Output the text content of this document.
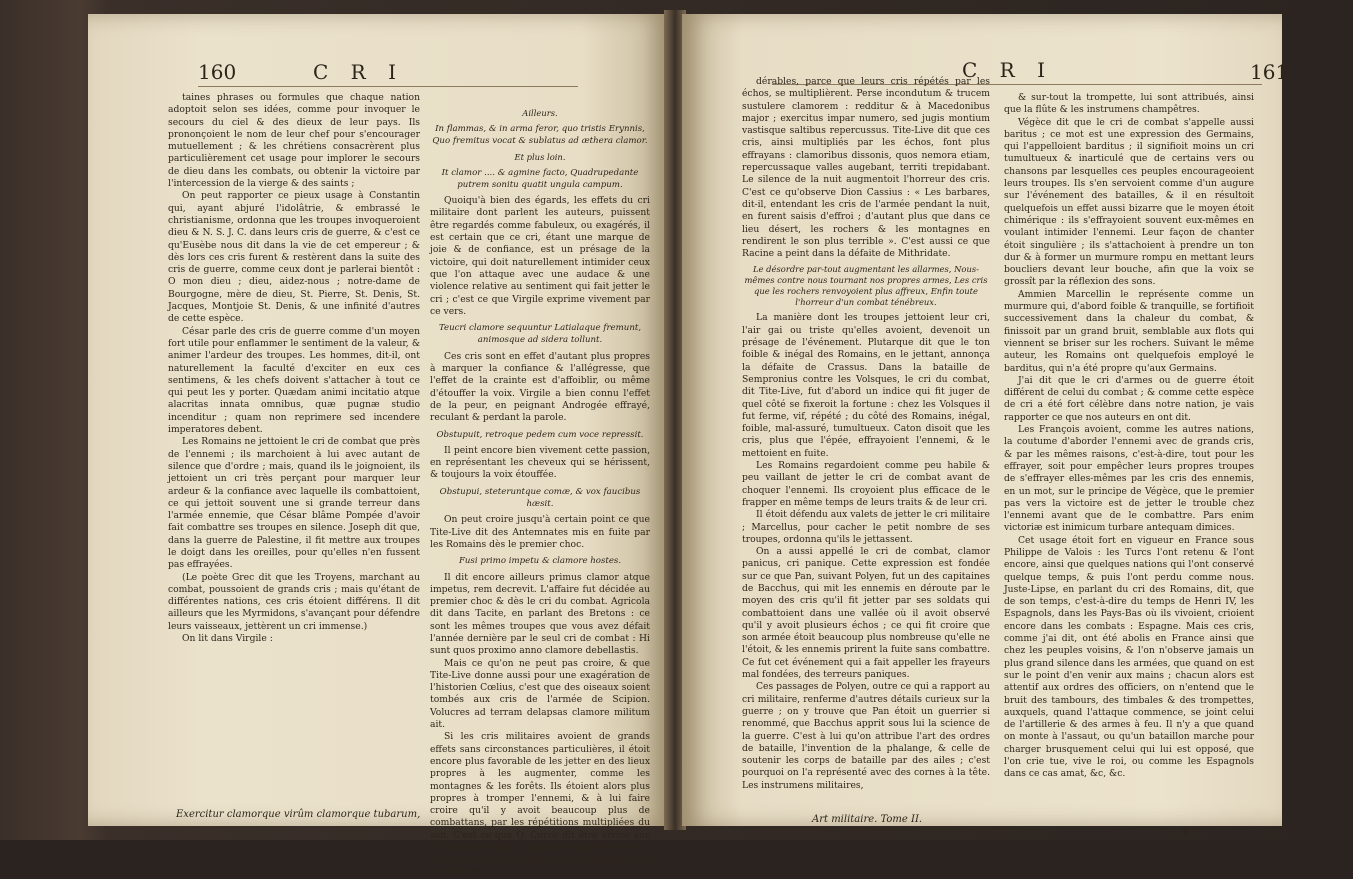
160	C R I

taines phrases ou formules que chaque nation adoptoit selon ses idées, comme pour invoquer le secours du ciel & des dieux de leur pays. Ils prononçoient le nom de leur chef pour s'encourager mutuellement ; & les chrétiens consacrèrent plus particulièrement cet usage pour implorer le secours de dieu dans les combats, ou obtenir la victoire par l'intercession de la vierge & des saints ;

On peut rapporter ce pieux usage à Constantin qui, ayant abjuré l'idolâtrie, & embrassé le christianisme, ordonna que les troupes invoqueroient dieu & N. S. J. C. dans leurs cris de guerre, & c'est ce qu'Eusèbe nous dit dans la vie de cet empereur ; & dès lors ces cris furent & restèrent dans la suite des cris de guerre, comme ceux dont je parlerai bientôt : O mon dieu ; dieu, aidez-nous ; notre-dame de Bourgogne, mère de dieu, St. Pierre, St. Denis, St. Jacques, Montjoie St. Denis, & une infinité d'autres de cette espèce.

César parle des cris de guerre comme d'un moyen fort utile pour enflammer le sentiment de la valeur, & animer l'ardeur des troupes. Les hommes, dit-il, ont naturellement la faculté d'exciter en eux ces sentimens, & les chefs doivent s'attacher à tout ce qui peut les y porter. Quædam animi incitatio atque alacritas innata omnibus, quæ pugnæ studio incenditur ; quam non reprimere sed incendere imperatores debent.

Les Romains ne jettoient le cri de combat que près de l'ennemi ; ils marchoient à lui avec autant de silence que d'ordre ; mais, quand ils le joignoient, ils jettoient un cri très perçant pour marquer leur ardeur & la confiance avec laquelle ils combattoient, ce qui jettoit souvent une si grande terreur dans l'armée ennemie, que César blâme Pompée d'avoir fait combattre ses troupes en silence. Joseph dit que, dans la guerre de Palestine, il fit mettre aux troupes le doigt dans les oreilles, pour qu'elles n'en fussent pas effrayées.

(Le poète Grec dit que les Troyens, marchant au combat, poussoient de grands cris ; mais qu'étant de différentes nations, ces cris étoient différens. Il dit ailleurs que les Myrmidons, s'avançant pour défendre leurs vaisseaux, jettèrent un cri immense.)

On lit dans Virgile :

Exercitur clamorque virûm clamorque tubarum,

Ailleurs.

In flammas, & in arma feror, quo tristis Erynnis, Quo fremitus vocat & sublatus ad æthera clamor.

Et plus loin.

It clamor .... & agmine facto, Quadrupedante putrem sonitu quatit ungula campum.

Quoiqu'à bien des égards, les effets du cri militaire dont parlent les auteurs, puissent être regardés comme fabuleux, ou exagérés, il est certain que ce cri, étant une marque de joie & de confiance, est un présage de la victoire, qui doit naturellement intimider ceux que l'on attaque avec une audace & une violence relative au sentiment qui fait jetter le cri ; c'est ce que Virgile exprime vivement par ce vers.

Teucri clamore sequuntur Latialaque fremunt, animosque ad sidera tollunt.

Ces cris sont en effet d'autant plus propres à marquer la confiance & l'allégresse, que l'effet de la crainte est d'affoiblir, ou même d'étouffer la voix. Virgile a bien connu l'effet de la peur, en peignant Androgée effrayé, reculant & perdant la parole.

Obstupuit, retroque pedem cum voce repressit.

Il peint encore bien vivement cette passion, en représentant les cheveux qui se hérissent, & toujours la voix étouffée.

Obstupui, steteruntque comæ, & vox faucibus hæsit.

On peut croire jusqu'à certain point ce que Tite-Live dit des Antemnates mis en fuite par les Romains dès le premier choc.

Fusi primo impetu & clamore hostes.

Il dit encore ailleurs primus clamor atque impetus, rem decrevit. L'affaire fut décidée au premier choc & dès le cri du combat. Agricola dit dans Tacite, en parlant des Bretons : ce sont les mêmes troupes que vous avez défait l'année dernière par le seul cri de combat : Hi sunt quos proximo anno clamore debellastis.

Mais ce qu'on ne peut pas croire, & que Tite-Live donne aussi pour une exagération de l'historien Cœlius, c'est que des oiseaux soient tombés aux cris de l'armée de Scipion. Volucres ad terram delapsas clamore militum ait.

Si les cris militaires avoient de grands effets sans circonstances particulières, il étoit encore plus favorable de les jetter en des lieux propres à les augmenter, comme les montagnes & les forêts. Ils étoient alors plus propres à tromper l'ennemi, & à lui faire croire qu'il y avoit beaucoup plus de combattans, par les répétitions multipliées du son. C'est ce que Q. Curce dit être arrivé aux Macédoniens moins nombreux que les Perses ; ils parurent à ceux-ci un corps beaucoup plus considérable,

C R I	161

dérables, parce que leurs cris répétés par les échos, se multiplièrent. Perse incondutum & trucem sustulere clamorem : redditur & à Macedonibus major ; exercitus impar numero, sed jugis montium vastisque saltibus repercussus. Tite-Live dit que ces cris, ainsi multipliés par les échos, font plus effrayans : clamoribus dissonis, quos nemora etiam, repercussaque valles augebant, territi trepidabant. Le silence de la nuit augmentoit l'horreur des cris. C'est ce qu'observe Dion Cassius : « Les barbares, dit-il, entendant les cris de l'armée pendant la nuit, en furent saisis d'effroi ; d'autant plus que dans ce lieu désert, les rochers & les montagnes en rendirent le son plus terrible ». C'est aussi ce que Racine a peint dans la défaite de Mithridate.

Le désordre par-tout augmentant les allarmes, Nous-mêmes contre nous tournant nos propres armes, Les cris que les rochers renvoyoient plus affreux, Enfin toute l'horreur d'un combat ténébreux.

La manière dont les troupes jettoient leur cri, l'air gai ou triste qu'elles avoient, devenoit un présage de l'événement. Plutarque dit que le ton foible & inégal des Romains, en le jettant, annonça la défaite de Crassus. Dans la bataille de Sempronius contre les Volsques, le cri du combat, dit Tite-Live, fut d'abord un indice qui fit juger de quel côté se fixeroit la fortune : chez les Volsques il fut ferme, vif, répété ; du côté des Romains, inégal, foible, mal-assuré, tumultueux. Caton disoit que les cris, plus que l'épée, effrayoient l'ennemi, & le mettoient en fuite.

Les Romains regardoient comme peu habile & peu vaillant de jetter le cri de combat avant de choquer l'ennemi. Ils croyoient plus efficace de le frapper en même temps de leurs traits & de leur cri.

Il étoit défendu aux valets de jetter le cri militaire ; Marcellus, pour cacher le petit nombre de ses troupes, ordonna qu'ils le jettassent.

On a aussi appellé le cri de combat, clamor panicus, cri panique. Cette expression est fondée sur ce que Pan, suivant Polyen, fut un des capitaines de Bacchus, qui mit les ennemis en déroute par le moyen des cris qu'il fit jetter par ses soldats qui combattoient dans une vallée où il avoit observé qu'il y avoit plusieurs échos ; ce qui fit croire que son armée étoit beaucoup plus nombreuse qu'elle ne l'étoit, & les ennemis prirent la fuite sans combattre. Ce fut cet événement qui a fait appeller les frayeurs mal fondées, des terreurs paniques.

Ces passages de Polyen, outre ce qui a rapport au cri militaire, renferme d'autres détails curieux sur la guerre ; on y trouve que Pan étoit un guerrier si renommé, que Bacchus apprit sous lui la science de la guerre. C'est à lui qu'on attribue l'art des ordres de bataille, l'invention de la phalange, & celle de soutenir les corps de bataille par des ailes ; c'est pourquoi on l'a représenté avec des cornes à la tête. Les instrumens militaires,

Art militaire. Tome II.

& sur-tout la trompette, lui sont attribués, ainsi que la flûte & les instrumens champêtres.

Végèce dit que le cri de combat s'appelle aussi baritus ; ce mot est une expression des Germains, qui l'appelloient barditus ; il signifioit moins un cri tumultueux & inarticulé que de certains vers ou chansons par lesquelles ces peuples encourageoient leurs troupes. Ils s'en servoient comme d'un augure sur l'événement des batailles, & il en résultoit quelquefois un effet aussi bizarre que le moyen étoit chimérique : ils s'effrayoient souvent eux-mêmes en voulant intimider l'ennemi. Leur façon de chanter étoit singulière ; ils s'attachoient à prendre un ton dur & à former un murmure rompu en mettant leurs boucliers devant leur bouche, afin que la voix se grossît par la réflexion des sons.

Ammien Marcellin le représente comme un murmure qui, d'abord foible & tranquille, se fortifioit successivement dans la chaleur du combat, & finissoit par un grand bruit, semblable aux flots qui viennent se briser sur les rochers. Suivant le même auteur, les Romains ont quelquefois employé le barditus, qui n'a été propre qu'aux Germains.

J'ai dit que le cri d'armes ou de guerre étoit différent de celui du combat ; & comme cette espèce de cri a été fort célèbre dans notre nation, je vais rapporter ce que nos auteurs en ont dit.

Les François avoient, comme les autres nations, la coutume d'aborder l'ennemi avec de grands cris, & par les mêmes raisons, c'est-à-dire, tout pour les effrayer, soit pour empêcher leurs propres troupes de s'effrayer elles-mêmes par les cris des ennemis, en un mot, sur le principe de Végèce, que le premier pas vers la victoire est de jetter le trouble chez l'ennemi avant que de le combattre. Pars enim victoriæ est inimicum turbare antequam dimices.

Cet usage étoit fort en vigueur en France sous Philippe de Valois : les Turcs l'ont retenu & l'ont encore, ainsi que quelques nations qui l'ont conservé quelque temps, & puis l'ont perdu comme nous. Juste-Lipse, en parlant du cri des Romains, dit, que de son temps, c'est-à-dire du temps de Henri IV, les Espagnols, dans les Pays-Bas où ils vivoient, crioient encore dans les combats : Espagne. Mais ces cris, comme j'ai dit, ont été abolis en France ainsi que chez les peuples voisins, & l'on n'observe jamais un plus grand silence dans les armées, que quand on est sur le point d'en venir aux mains ; chacun alors est attentif aux ordres des officiers, on n'entend que le bruit des tambours, des timbales & des trompettes, auxquels, quand l'attaque commence, se joint celui de l'artillerie & des armes à feu. Il n'y a que quand on monte à l'assaut, ou qu'un bataillon marche pour charger brusquement celui qui lui est opposé, que l'on crie tue, vive le roi, ou comme les Espagnols dans ce cas amat, &c, &c.

X
